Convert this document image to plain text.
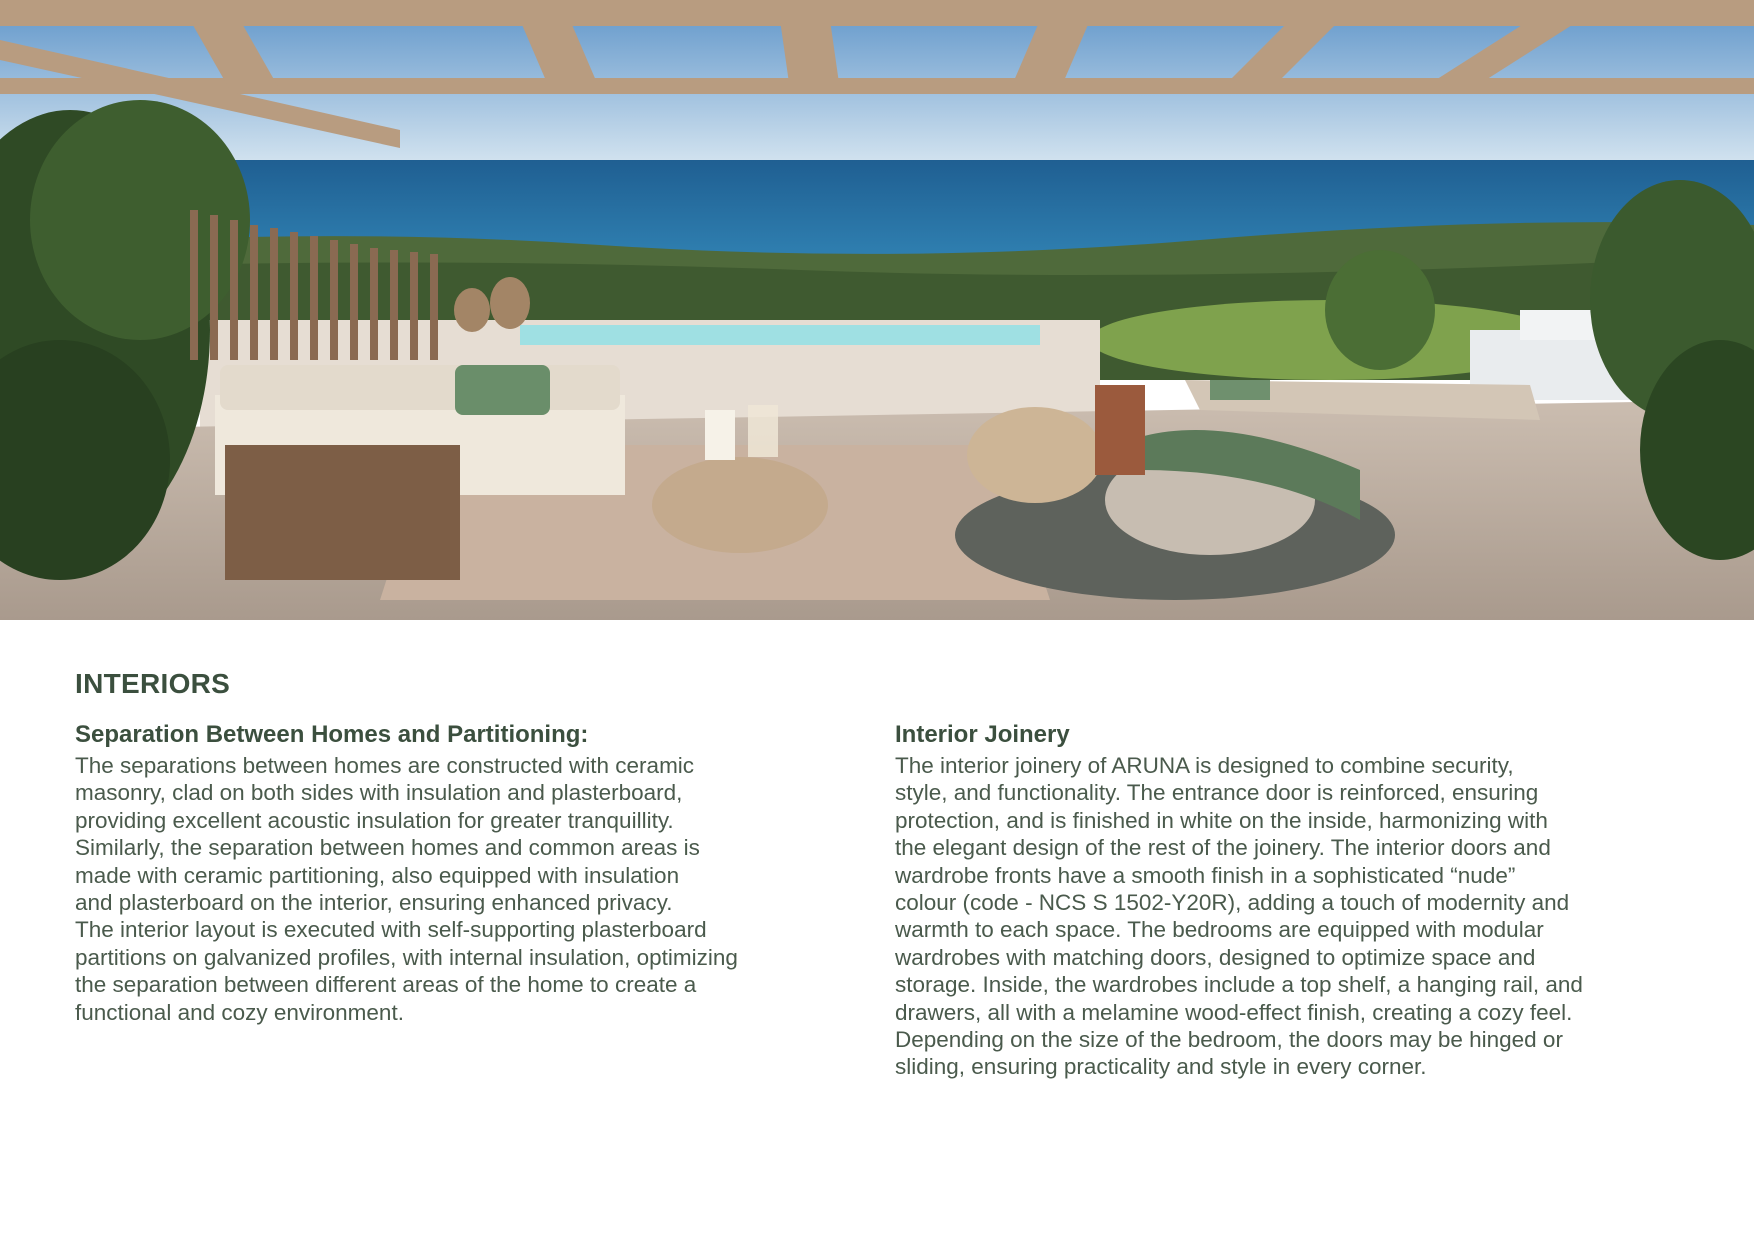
INTERIORS
Separation Between Homes and Partitioning:

The separations between homes are constructed with ceramic
masonry, clad on both sides with insulation and plasterboard,
providing excellent acoustic insulation for greater tranquillity.
Similarly, the separation between homes and common areas is
made with ceramic partitioning, also equipped with insulation
and plasterboard on the interior, ensuring enhanced privacy.
The interior layout is executed with self-supporting plasterboard
partitions on galvanized profiles, with internal insulation, optimizing
the separation between different areas of the home to create a
functional and cozy environment.

Interior Joinery

The interior joinery of ARUNA is designed to combine security,
style, and functionality. The entrance door is reinforced, ensuring
protection, and is finished in white on the inside, harmonizing with
the elegant design of the rest of the joinery. The interior doors and
wardrobe fronts have a smooth finish in a sophisticated “nude”
colour (code - NCS S 1502-Y20R), adding a touch of modernity and
warmth to each space. The bedrooms are equipped with modular
wardrobes with matching doors, designed to optimize space and
storage. Inside, the wardrobes include a top shelf, a hanging rail, and
drawers, all with a melamine wood-effect finish, creating a cozy feel.
Depending on the size of the bedroom, the doors may be hinged or
sliding, ensuring practicality and style in every corner.
